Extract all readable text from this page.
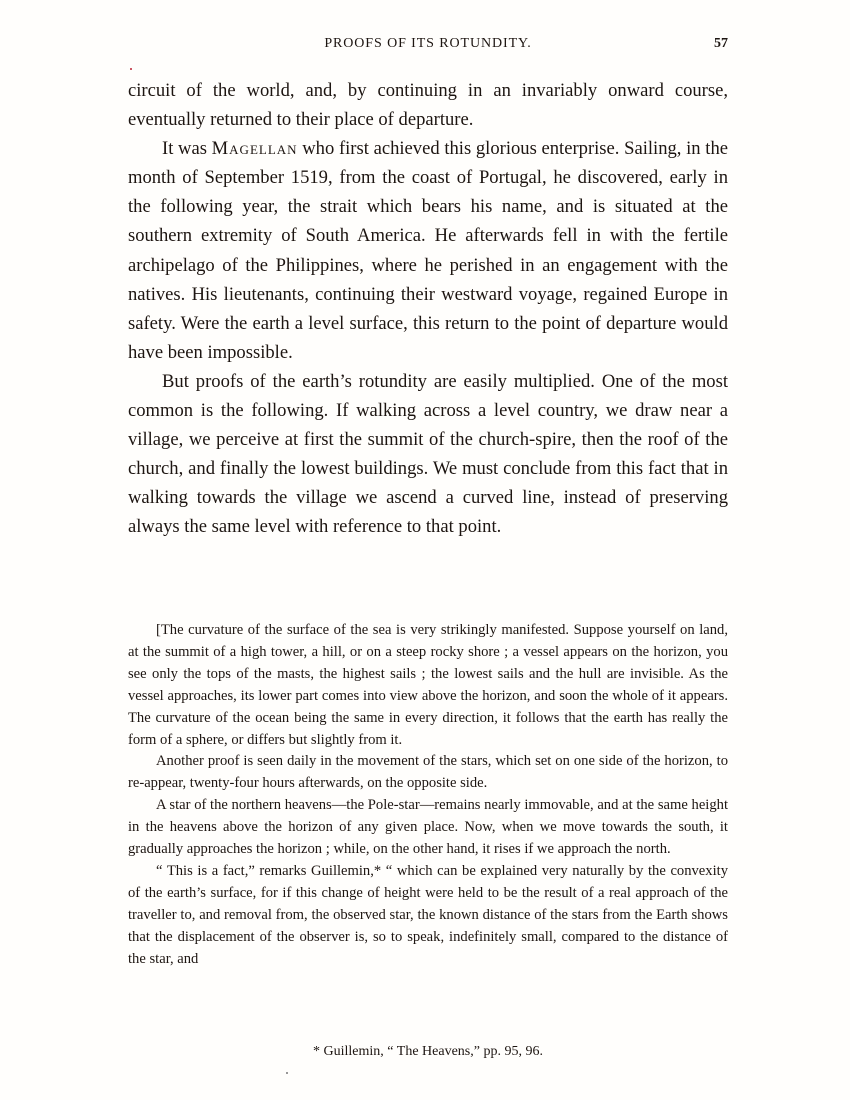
PROOFS OF ITS ROTUNDITY.	57

circuit of the world, and, by continuing in an invariably onward course, eventually returned to their place of departure.

It was Magellan who first achieved this glorious enterprise. Sailing, in the month of September 1519, from the coast of Portugal, he discovered, early in the following year, the strait which bears his name, and is situated at the southern extremity of South America. He afterwards fell in with the fertile archipelago of the Philippines, where he perished in an engagement with the natives. His lieutenants, continuing their westward voyage, regained Europe in safety. Were the earth a level surface, this return to the point of departure would have been impossible.

But proofs of the earth’s rotundity are easily multiplied. One of the most common is the following. If walking across a level country, we draw near a village, we perceive at first the summit of the church-spire, then the roof of the church, and finally the lowest buildings. We must conclude from this fact that in walking towards the village we ascend a curved line, instead of preserving always the same level with reference to that point.

[The curvature of the surface of the sea is very strikingly manifested. Suppose yourself on land, at the summit of a high tower, a hill, or on a steep rocky shore ; a vessel appears on the horizon, you see only the tops of the masts, the highest sails ; the lowest sails and the hull are invisible. As the vessel approaches, its lower part comes into view above the horizon, and soon the whole of it appears. The curvature of the ocean being the same in every direction, it follows that the earth has really the form of a sphere, or differs but slightly from it.

Another proof is seen daily in the movement of the stars, which set on one side of the horizon, to re-appear, twenty-four hours afterwards, on the opposite side.

A star of the northern heavens—the Pole-star—remains nearly immovable, and at the same height in the heavens above the horizon of any given place. Now, when we move towards the south, it gradually approaches the horizon ; while, on the other hand, it rises if we approach the north.

“ This is a fact,” remarks Guillemin,* “ which can be explained very naturally by the convexity of the earth’s surface, for if this change of height were held to be the result of a real approach of the traveller to, and removal from, the observed star, the known distance of the stars from the Earth shows that the displacement of the observer is, so to speak, indefinitely small, compared to the distance of the star, and

* Guillemin, “ The Heavens,” pp. 95, 96.
